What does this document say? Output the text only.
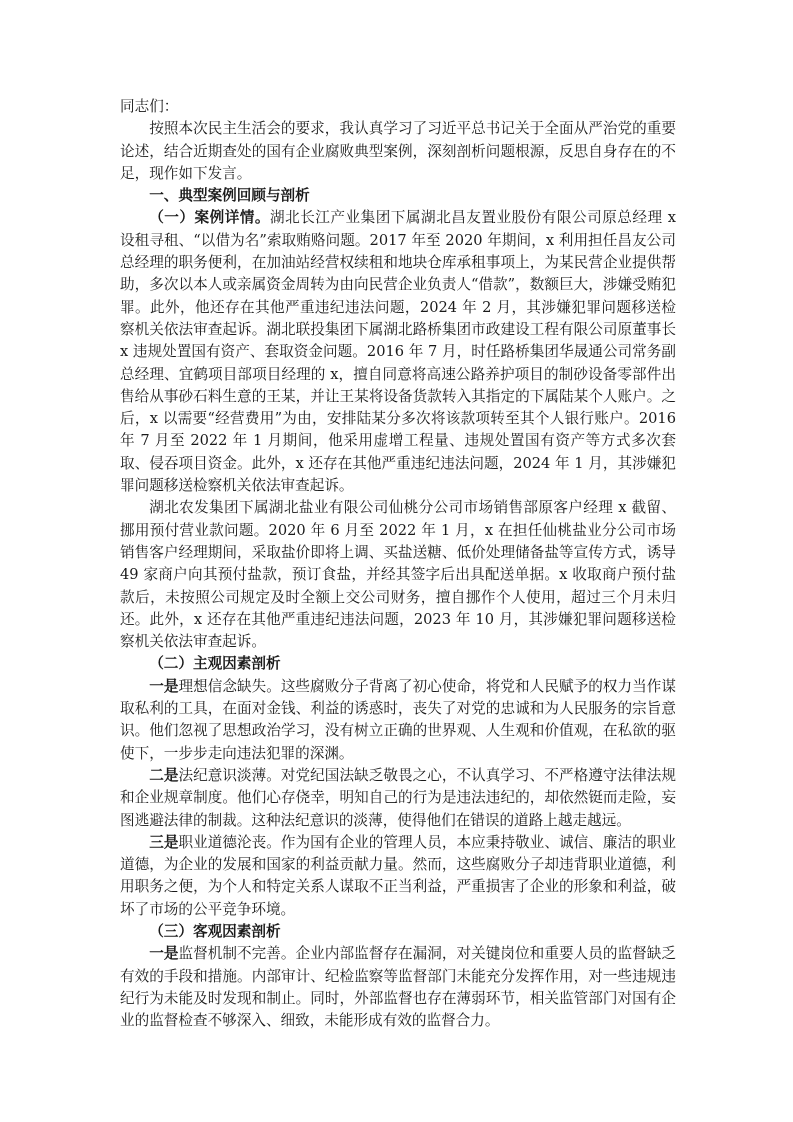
同志们：

按照本次民主生活会的要求，我认真学习了习近平总书记关于全面从严治党的重要论述，结合近期查处的国有企业腐败典型案例，深刻剖析问题根源，反思自身存在的不足，现作如下发言。

一、典型案例回顾与剖析

（一）案例详情。湖北长江产业集团下属湖北昌友置业股份有限公司原总经理 x 设租寻租、“以借为名”索取贿赂问题。2017 年至 2020 年期间，x 利用担任昌友公司总经理的职务便利，在加油站经营权续租和地块仓库承租事项上，为某民营企业提供帮助，多次以本人或亲属资金周转为由向民营企业负责人“借款”，数额巨大，涉嫌受贿犯罪。此外，他还存在其他严重违纪违法问题，2024 年 2 月，其涉嫌犯罪问题移送检察机关依法审查起诉。湖北联投集团下属湖北路桥集团市政建设工程有限公司原董事长 x 违规处置国有资产、套取资金问题。2016 年 7 月，时任路桥集团华晟通公司常务副总经理、宜鹤项目部项目经理的 x，擅自同意将高速公路养护项目的制砂设备零部件出售给从事砂石料生意的王某，并让王某将设备货款转入其指定的下属陆某个人账户。之后，x 以需要“经营费用”为由，安排陆某分多次将该款项转至其个人银行账户。2016 年 7 月至 2022 年 1 月期间，他采用虚增工程量、违规处置国有资产等方式多次套取、侵吞项目资金。此外，x 还存在其他严重违纪违法问题，2024 年 1 月，其涉嫌犯罪问题移送检察机关依法审查起诉。

湖北农发集团下属湖北盐业有限公司仙桃分公司市场销售部原客户经理 x 截留、挪用预付营业款问题。2020 年 6 月至 2022 年 1 月，x 在担任仙桃盐业分公司市场销售客户经理期间，采取盐价即将上调、买盐送糖、低价处理储备盐等宣传方式，诱导 49 家商户向其预付盐款，预订食盐，并经其签字后出具配送单据。x 收取商户预付盐款后，未按照公司规定及时全额上交公司财务，擅自挪作个人使用，超过三个月未归还。此外，x 还存在其他严重违纪违法问题，2023 年 10 月，其涉嫌犯罪问题移送检察机关依法审查起诉。

（二）主观因素剖析

一是理想信念缺失。这些腐败分子背离了初心使命，将党和人民赋予的权力当作谋取私利的工具，在面对金钱、利益的诱惑时，丧失了对党的忠诚和为人民服务的宗旨意识。他们忽视了思想政治学习，没有树立正确的世界观、人生观和价值观，在私欲的驱使下，一步步走向违法犯罪的深渊。

二是法纪意识淡薄。对党纪国法缺乏敬畏之心，不认真学习、不严格遵守法律法规和企业规章制度。他们心存侥幸，明知自己的行为是违法违纪的，却依然铤而走险，妄图逃避法律的制裁。这种法纪意识的淡薄，使得他们在错误的道路上越走越远。

三是职业道德沦丧。作为国有企业的管理人员，本应秉持敬业、诚信、廉洁的职业道德，为企业的发展和国家的利益贡献力量。然而，这些腐败分子却违背职业道德，利用职务之便，为个人和特定关系人谋取不正当利益，严重损害了企业的形象和利益，破坏了市场的公平竞争环境。

（三）客观因素剖析

一是监督机制不完善。企业内部监督存在漏洞，对关键岗位和重要人员的监督缺乏有效的手段和措施。内部审计、纪检监察等监督部门未能充分发挥作用，对一些违规违纪行为未能及时发现和制止。同时，外部监督也存在薄弱环节，相关监管部门对国有企业的监督检查不够深入、细致，未能形成有效的监督合力。
